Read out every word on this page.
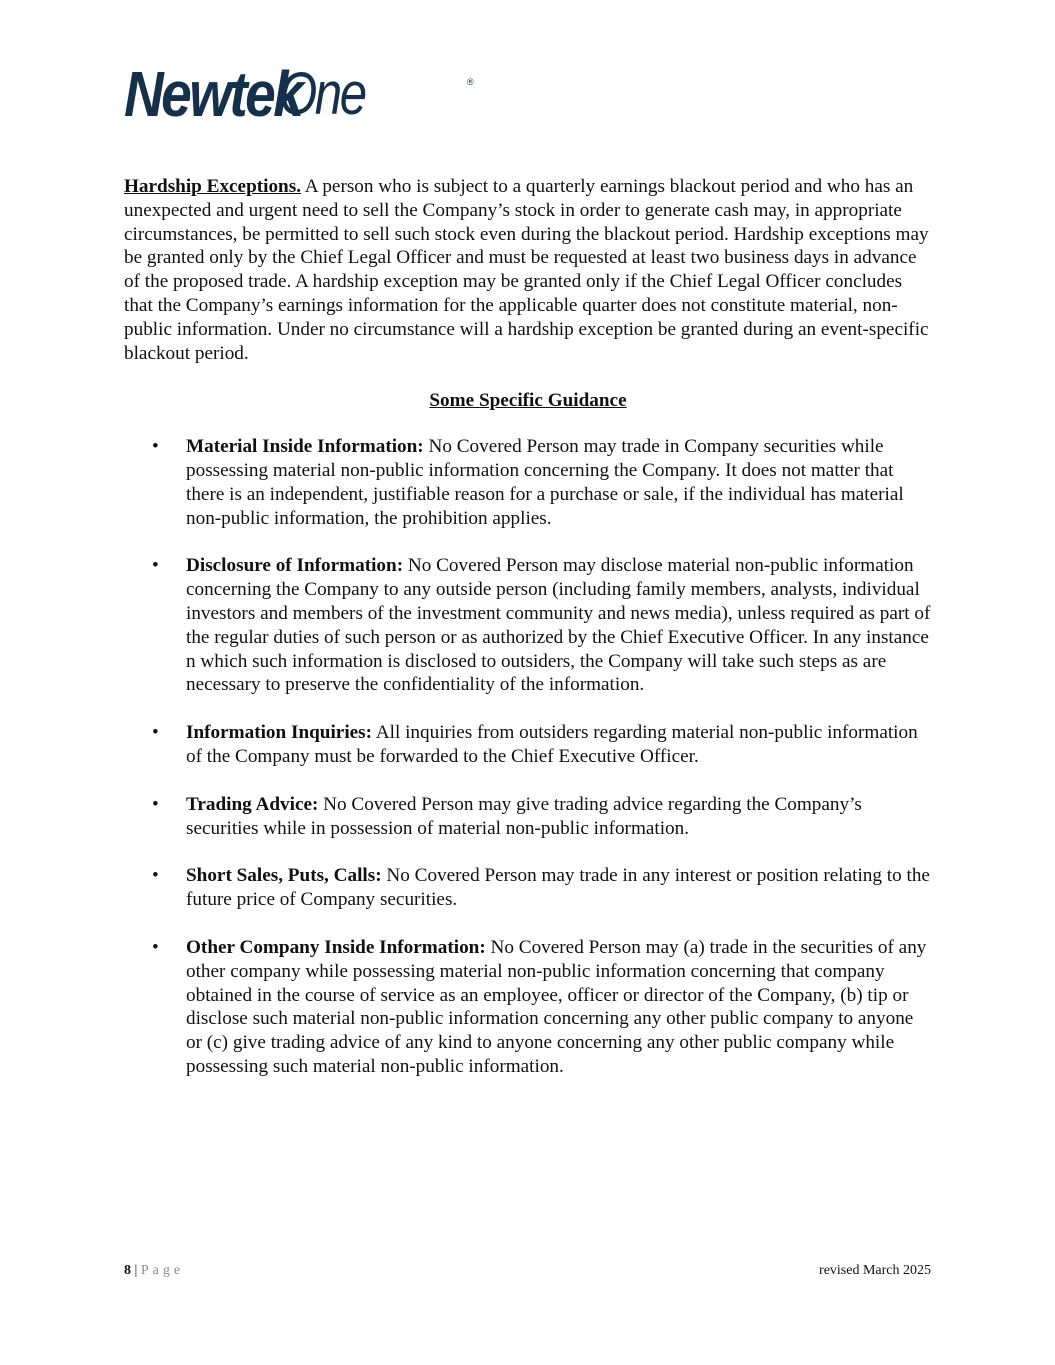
Newtek
One	®

Hardship Exceptions. A person who is subject to a quarterly earnings blackout period and who has an unexpected and urgent need to sell the Company’s stock in order to generate cash may, in appropriate circumstances, be permitted to sell such stock even during the blackout period. Hardship exceptions may be granted only by the Chief Legal Officer and must be requested at least two business days in advance of the proposed trade. A hardship exception may be granted only if the Chief Legal Officer concludes that the Company’s earnings information for the applicable quarter does not constitute material, non-public information. Under no circumstance will a hardship exception be granted during an event-specific blackout period.

Some Specific Guidance
• Material Inside Information: No Covered Person may trade in Company securities while possessing material non-public information concerning the Company. It does not matter that there is an independent, justifiable reason for a purchase or sale, if the individual has material non-public information, the prohibition applies.
• Disclosure of Information: No Covered Person may disclose material non-public information concerning the Company to any outside person (including family members, analysts, individual investors and members of the investment community and news media), unless required as part of the regular duties of such person or as authorized by the Chief Executive Officer. In any instance n which such information is disclosed to outsiders, the Company will take such steps as are necessary to preserve the confidentiality of the information.
• Information Inquiries: All inquiries from outsiders regarding material non-public information of the Company must be forwarded to the Chief Executive Officer.
• Trading Advice: No Covered Person may give trading advice regarding the Company’s securities while in possession of material non-public information.
• Short Sales, Puts, Calls: No Covered Person may trade in any interest or position relating to the future price of Company securities.
• Other Company Inside Information: No Covered Person may (a) trade in the securities of any other company while possessing material non-public information concerning that company obtained in the course of service as an employee, officer or director of the Company, (b) tip or disclose such material non-public information concerning any other public company to anyone or (c) give trading advice of any kind to anyone concerning any other public company while possessing such material non-public information.
8 | Page	revised March 2025
